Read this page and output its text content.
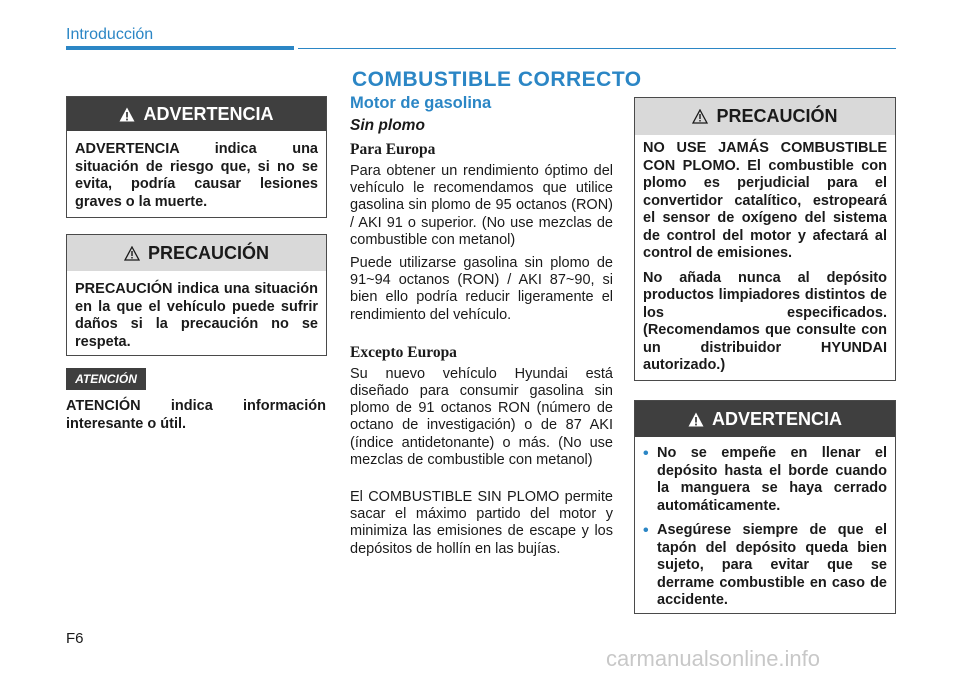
Introducción
COMBUSTIBLE CORRECTO
ADVERTENCIA

ADVERTENCIA indica una situación de riesgo que, si no se evita, podría causar lesiones graves o la muerte.

PRECAUCIÓN

PRECAUCIÓN indica una situación en la que el vehículo puede sufrir daños si la precaución no se respeta.

ATENCIÓN
ATENCIÓN indica información interesante o útil.
Motor de gasolina
Sin plomo
Para Europa

Para obtener un rendimiento óptimo del vehículo le recomendamos que utilice gasolina sin plomo de 95 octanos (RON) / AKI 91 o superior. (No use mezclas de combustible con metanol)

Puede utilizarse gasolina sin plomo de 91~94 octanos (RON) / AKI 87~90, si bien ello podría reducir ligeramente el rendimiento del vehículo.

Excepto Europa

Su nuevo vehículo Hyundai está diseñado para consumir gasolina sin plomo de 91 octanos RON (número de octano de investigación) o de 87 AKI (índice antidetonante) o más. (No use mezclas de combustible con metanol)

El COMBUSTIBLE SIN PLOMO permite sacar el máximo partido del motor y minimiza las emisiones de escape y los depósitos de hollín en las bujías.

PRECAUCIÓN

NO USE JAMÁS COMBUSTIBLE CON PLOMO. El combustible con plomo es perjudicial para el convertidor catalítico, estropeará el sensor de oxígeno del sistema de control del motor y afectará al control de emisiones.

No añada nunca al depósito productos limpiadores distintos de los especificados. (Recomendamos que consulte con un distribuidor HYUNDAI autorizado.)

ADVERTENCIA
• No se empeñe en llenar el depósito hasta el borde cuando la manguera se haya cerrado automáticamente.
• Asegúrese siempre de que el tapón del depósito queda bien sujeto, para evitar que se derrame combustible en caso de accidente.
F6
carmanualsonline.info
